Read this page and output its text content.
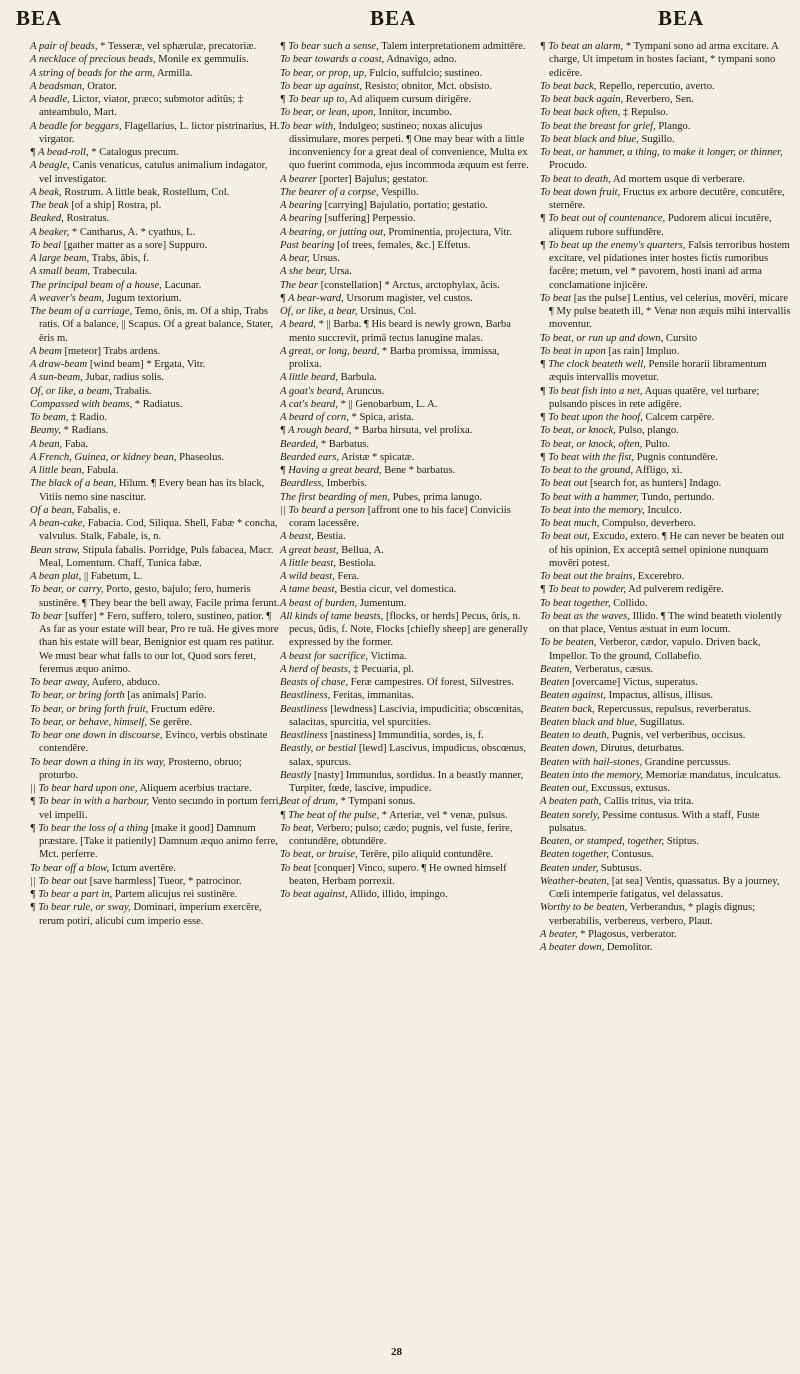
BEA	BEA	BEA

A pair of beads, * Tesseræ, vel sphærulæ, precatoriæ.

A necklace of precious beads, Monile ex gemmulis.

A string of beads for the arm, Armilla.

A beadsman, Orator.

A beadle, Lictor, viator, præco; submotor aditûs; ‡ anteambulo, Mart.

A beadle for beggars, Flagellarius, L. lictor pistrinarius, H. virgator.

¶ A bead-roll, * Catalogus precum.

A beagle, Canis venaticus, catulus animalium indagator, vel investigator.

A beak, Rostrum. A little beak, Rostellum, Col.

The beak [of a ship] Rostra, pl.

Beaked, Rostratus.

A beaker, * Cantharus, A. * cyathus, L.

To beal [gather matter as a sore] Suppuro.

A large beam, Trabs, ăbis, f.

A small beam, Trabecula.

The principal beam of a house, Lacunar.

A weaver's beam, Jugum textorium.

The beam of a carriage, Temo, ōnis, m. Of a ship, Trabs ratis. Of a balance, || Scapus. Of a great balance, Stater, ēris m.

A beam [meteor] Trabs ardens.

A draw-beam [wind beam] * Ergata, Vitr.

A sun-beam, Jubar, radius solis.

Of, or like, a beam, Trabalis.

Compassed with beams, * Radiatus.

To beam, ‡ Radio.

Beamy, * Radians.

A bean, Faba.

A French, Guinea, or kidney bean, Phaseolus.

A little bean, Fabula.

The black of a bean, Hilum. ¶ Every bean has its black, Vitiis nemo sine nascitur.

Of a bean, Fabalis, e.

A bean-cake, Fabacia. Cod, Siliqua. Shell, Fabæ * concha, valvulus. Stalk, Fabale, is, n.

Bean straw, Stipula fabalis. Porridge, Puls fabacea, Macr. Meal, Lomentum. Chaff, Tunica fabæ.

A bean plat, || Fabetum, L.

To bear, or carry, Porto, gesto, bajulo; fero, humeris sustinēre. ¶ They bear the bell away, Facile prima ferunt.

To bear [suffer] * Fero, suffero, tolero, sustineo, patior. ¶ As far as your estate will bear, Pro re tuâ. He gives more than his estate will bear, Benignior est quam res patitur. We must bear what falls to our lot, Quod sors feret, feremus æquo animo.

To bear away, Aufero, abduco.

To bear, or bring forth [as animals] Pario.

To bear, or bring forth fruit, Fructum edēre.

To bear, or behave, himself, Se gerēre.

To bear one down in discourse, Evinco, verbis obstinate contendēre.

To bear down a thing in its way, Prosterno, obruo; proturbo.

|| To bear hard upon one, Aliquem acerbius tractare.

¶ To bear in with a harbour, Vento secundo in portum ferri, vel impelli.

¶ To bear the loss of a thing [make it good] Damnum præstare. [Take it patiently] Damnum æquo animo ferre, Mct. perferre.

To bear off a blow, Ictum avertēre.

|| To bear out [save harmless] Tueor, * patrocinor.

¶ To bear a part in, Partem alicujus rei sustinēre.

¶ To bear rule, or sway, Dominari, imperium exercēre, rerum potiri, alicubi cum imperio esse.

¶ To bear such a sense, Talem interpretationem admittēre.

To bear towards a coast, Adnavigo, adno.

To bear, or prop, up, Fulcio, suffulcio; sustineo.

To bear up against, Resisto; obnitor, Mct. obsisto.

¶ To bear up to, Ad aliquem cursum dirigēre.

To bear, or lean, upon, Innitor, incumbo.

To bear with, Indulgeo; sustineo; noxas alicujus dissimulare, mores perpeti. ¶ One may bear with a little inconveniency for a great deal of convenience, Multa ex quo fuerint commoda, ejus incommoda æquum est ferre.

A bearer [porter] Bajulus; gestator.

The bearer of a corpse, Vespillo.

A bearing [carrying] Bajulatio, portatio; gestatio.

A bearing [suffering] Perpessio.

A bearing, or jutting out, Prominentia, projectura, Vitr.

Past bearing [of trees, females, &c.] Effetus.

A bear, Ursus.

A she bear, Ursa.

The bear [constellation] * Arctus, arctophylax, ăcis.

¶ A bear-ward, Ursorum magister, vel custos.

Of, or like, a bear, Ursinus, Col.

A beard, * || Barba. ¶ His beard is newly grown, Barba mento succrevit, primâ tectus lanugine malas.

A great, or long, beard, * Barba promissa, immissa, prolixa.

A little beard, Barbula.

A goat's beard, Aruncus.

A cat's beard, * || Genobarbum, L. A.

A beard of corn, * Spica, arista.

¶ A rough beard, * Barba hirsuta, vel prolixa.

Bearded, * Barbatus.

Bearded ears, Aristæ * spicatæ.

¶ Having a great beard, Bene * barbatus.

Beardless, Imberbis.

The first bearding of men, Pubes, prima lanugo.

|| To beard a person [affront one to his face] Conviciis coram lacessēre.

A beast, Bestia.

A great beast, Bellua, A.

A little beast, Bestiola.

A wild beast, Fera.

A tame beast, Bestia cicur, vel domestica.

A beast of burden, Jumentum.

All kinds of tame beasts, [flocks, or herds] Pecus, ŏris, n. pecus, ŭdis, f. Note, Flocks [chiefly sheep] are generally expressed by the former.

A beast for sacrifice, Victima.

A herd of beasts, ‡ Pecuaria, pl.

Beasts of chase, Feræ campestres. Of forest, Silvestres.

Beastliness, Feritas, immanitas.

Beastliness [lewdness] Lascivia, impudicitia; obscœnitas, salacitas, spurcitia, vel spurcities.

Beastliness [nastiness] Immunditia, sordes, is, f.

Beastly, or bestial [lewd] Lascivus, impudicus, obscœnus, salax, spurcus.

Beastly [nasty] Immundus, sordidus. In a beastly manner, Turpiter, fœde, lascive, impudice.

Beat of drum, * Tympani sonus.

¶ The beat of the pulse, * Arteriæ, vel * venæ, pulsus.

To beat, Verbero; pulso; cædo; pugnis, vel fuste, ferire, contundēre, obtundēre.

To beat, or bruise, Terēre, pilo aliquid contundēre.

To beat [conquer] Vinco, supero. ¶ He owned himself beaten, Herbam porrexit.

To beat against, Allido, illido, impingo.

¶ To beat an alarm, * Tympani sono ad arma excitare. A charge, Ut impetum in hostes faciant, * tympani sono edicēre.

To beat back, Repello, repercutio, averto.

To beat back again, Reverbero, Sen.

To beat back often, ‡ Repulso.

To beat the breast for grief, Plango.

To beat black and blue, Sugillo.

To beat, or hammer, a thing, to make it longer, or thinner, Procudo.

To beat to death, Ad mortem usque di verberare.

To beat down fruit, Fructus ex arbore decutēre, concutēre, sternēre.

¶ To beat out of countenance, Pudorem alicui incutēre, aliquem rubore suffundēre.

¶ To beat up the enemy's quarters, Falsis terroribus hostem excitare, vel pidationes inter hostes fictis rumoribus facēre; metum, vel * pavorem, hosti inani ad arma conclamatione injicēre.

To beat [as the pulse] Lentius, vel celerius, movēri, micare ¶ My pulse beateth ill, * Venæ non æquis mihi intervallis moventur.

To beat, or run up and down, Cursito

To beat in upon [as rain] Impluo.

¶ The clock beateth well, Pensile horarii libramentum æquis intervallis movetur.

¶ To beat fish into a net, Aquas quatēre, vel turbare; pulsando pisces in rete adigēre.

¶ To beat upon the hoof, Calcem carpēre.

To beat, or knock, Pulso, plango.

To beat, or knock, often, Pulto.

¶ To beat with the fist, Pugnis contundēre.

To beat to the ground, Affligo, xi.

To beat out [search for, as hunters] Indago.

To beat with a hammer, Tundo, pertundo.

To beat into the memory, Inculco.

To beat much, Compulso, deverbero.

To beat out, Excudo, extero. ¶ He can never be beaten out of his opinion, Ex acceptâ semel opinione nunquam movēri potest.

To beat out the brains, Excerebro.

¶ To beat to powder, Ad pulverem redigēre.

To beat together, Collido.

To beat as the waves, Illido. ¶ The wind beateth violently on that place, Ventus æstuat in eum locum.

To be beaten, Verberor, cædor, vapulo. Driven back, Impellor. To the ground, Collabefio.

Beaten, Verberatus, cæsus.

Beaten [overcame] Victus, superatus.

Beaten against, Impactus, allisus, illisus.

Beaten back, Repercussus, repulsus, reverberatus.

Beaten black and blue, Sugillatus.

Beaten to death, Pugnis, vel verberibus, occisus.

Beaten down, Dirutus, deturbatus.

Beaten with hail-stones, Grandine percussus.

Beaten into the memory, Memoriæ mandatus, inculcatus.

Beaten out, Excussus, extusus.

A beaten path, Callis tritus, via trita.

Beaten sorely, Pessime contusus. With a staff, Fuste pulsatus.

Beaten, or stamped, together, Stiptus.

Beaten together, Contusus.

Beaten under, Subtusus.

Weather-beaten, [at sea] Ventis, quassatus. By a journey, Cœli intemperie fatigatus, vel delassatus.

Worthy to be beaten, Verberandus, * plagis dignus; verberabilis, verbereus, verbero, Plaut.

A beater, * Plagosus, verberator.

A beater down, Demolitor.

28
